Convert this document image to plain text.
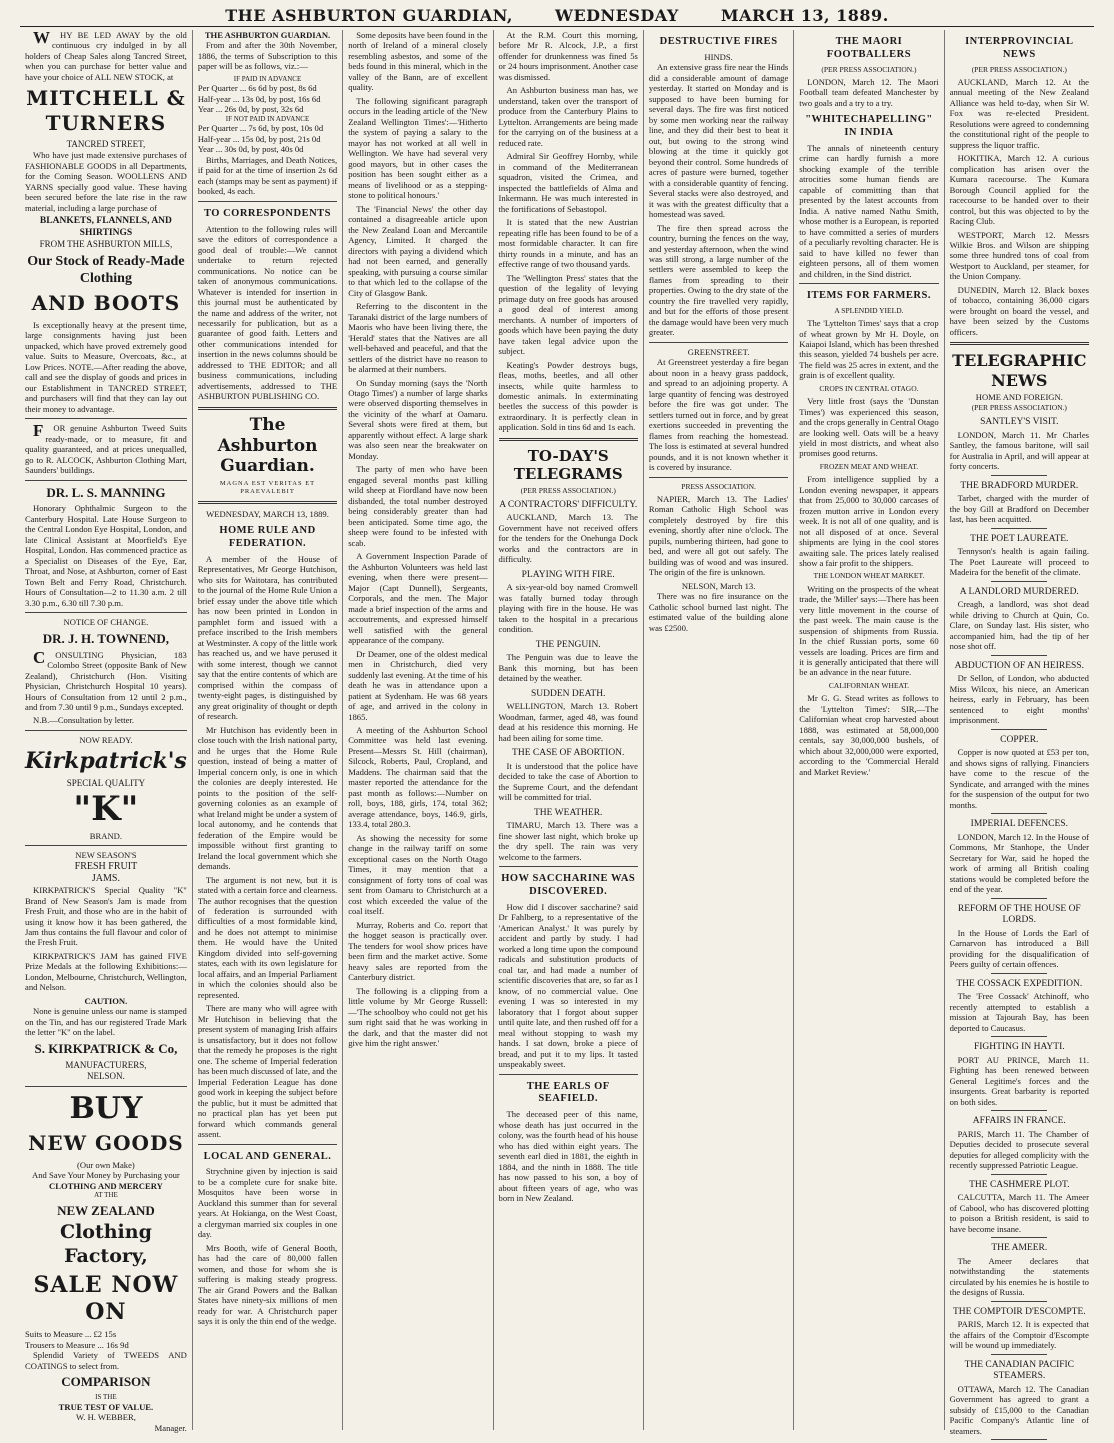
THE ASHBURTON GUARDIAN,	WEDNESDAY	MARCH 13, 1889.

WHY BE LED AWAY by the old continuous cry indulged in by all holders of Cheap Sales along Tancred Street, when you can purchase for better value and have your choice of ALL NEW STOCK, at

MITCHELL & TURNERS
TANCRED STREET,

Who have just made extensive purchases of FASHIONABLE GOODS in all Departments, for the Coming Season. WOOLLENS AND YARNS specially good value. These having been secured before the late rise in the raw material, including a large purchase of

BLANKETS, FLANNELS, AND SHIRTINGS
FROM THE ASHBURTON MILLS,
Our Stock of Ready-Made Clothing
AND BOOTS

Is exceptionally heavy at the present time, large consignments having just been unpacked, which have proved extremely good value. Suits to Measure, Overcoats, &c., at Low Prices. NOTE.—After reading the above, call and see the display of goods and prices in our Establishment in TANCRED STREET, and purchasers will find that they can lay out their money to advantage.

FOR genuine Ashburton Tweed Suits ready-made, or to measure, fit and quality guaranteed, and at prices unequalled, go to R. ALCOCK, Ashburton Clothing Mart, Saunders' buildings.

DR. L. S. MANNING

Honorary Ophthalmic Surgeon to the Canterbury Hospital. Late House Surgeon to the Central London Eye Hospital, London, and late Clinical Assistant at Moorfield's Eye Hospital, London. Has commenced practice as a Specialist on Diseases of the Eye, Ear, Throat, and Nose, at Ashburton, corner of East Town Belt and Ferry Road, Christchurch. Hours of Consultation—2 to 11.30 a.m. 2 till 3.30 p.m., 6.30 till 7.30 p.m.

NOTICE OF CHANGE.
DR. J. H. TOWNEND,

CONSULTING Physician, 183 Colombo Street (opposite Bank of New Zealand), Christchurch (Hon. Visiting Physician, Christchurch Hospital 10 years). Hours of Consultation from 12 until 2 p.m., and from 7.30 until 9 p.m., Sundays excepted.

N.B.—Consultation by letter.

NOW READY.
Kirkpatrick's
SPECIAL QUALITY
"K"
BRAND.
NEW SEASON'S
FRESH FRUIT
JAMS.

KIRKPATRICK'S Special Quality "K" Brand of New Season's Jam is made from Fresh Fruit, and those who are in the habit of using it know how it has been gathered, the Jam thus contains the full flavour and color of the Fresh Fruit.

KIRKPATRICK'S JAM has gained FIVE Prize Medals at the following Exhibitions:—London, Melbourne, Christchurch, Wellington, and Nelson.

CAUTION.

None is genuine unless our name is stamped on the Tin, and has our registered Trade Mark the letter "K" on the label.

S. KIRKPATRICK & Co,
MANUFACTURERS,
NELSON.
BUY
NEW GOODS
(Our own Make)
And Save Your Money by Purchasing your
CLOTHING AND MERCERY
AT THE
NEW ZEALAND
Clothing Factory,
SALE NOW ON
Suits to Measure ... £2 15s
Trousers to Measure ... 16s 9d

Splendid Variety of TWEEDS AND COATINGS to select from.

COMPARISON
IS THE
TRUE TEST OF VALUE.
W. H. WEBBER,
Manager.
THE ASHBURTON GUARDIAN.

From and after the 30th November, 1886, the terms of Subscription to this paper will be as follows, viz.:—

IF PAID IN ADVANCE
Per Quarter ... 6s 6d by post, 8s 6d
Half-year ... 13s 0d, by post, 16s 6d
Year ... 26s 0d, by post, 32s 6d
IF NOT PAID IN ADVANCE
Per Quarter ... 7s 6d, by post, 10s 0d
Half-year ... 15s 0d, by post, 21s 0d
Year ... 30s 0d, by post, 40s 0d

Births, Marriages, and Death Notices, if paid for at the time of insertion 2s 6d each (stamps may be sent as payment) if booked, 4s each.

TO CORRESPONDENTS

Attention to the following rules will save the editors of correspondence a good deal of trouble:—We cannot undertake to return rejected communications. No notice can be taken of anonymous communications. Whatever is intended for insertion in this journal must be authenticated by the name and address of the writer, not necessarily for publication, but as a guarantee of good faith. Letters and other communications intended for insertion in the news columns should be addressed to THE EDITOR; and all business communications, including advertisements, addressed to THE ASHBURTON PUBLISHING CO.

The Ashburton Guardian.
MAGNA EST VERITAS ET PRAEVALEBIT
WEDNESDAY, MARCH 13, 1889.
HOME RULE AND FEDERATION.

A member of the House of Representatives, Mr George Hutchison, who sits for Waitotara, has contributed to the journal of the Home Rule Union a brief essay under the above title which has now been printed in London in pamphlet form and issued with a preface inscribed to the Irish members at Westminster. A copy of the little work has reached us, and we have perused it with some interest, though we cannot say that the entire contents of which are comprised within the compass of twenty-eight pages, is distinguished by any great originality of thought or depth of research.

Mr Hutchison has evidently been in close touch with the Irish national party, and he urges that the Home Rule question, instead of being a matter of Imperial concern only, is one in which the colonies are deeply interested. He points to the position of the self-governing colonies as an example of what Ireland might be under a system of local autonomy, and he contends that federation of the Empire would be impossible without first granting to Ireland the local government which she demands.

The argument is not new, but it is stated with a certain force and clearness. The author recognises that the question of federation is surrounded with difficulties of a most formidable kind, and he does not attempt to minimise them. He would have the United Kingdom divided into self-governing states, each with its own legislature for local affairs, and an Imperial Parliament in which the colonies should also be represented.

There are many who will agree with Mr Hutchison in believing that the present system of managing Irish affairs is unsatisfactory, but it does not follow that the remedy he proposes is the right one. The scheme of Imperial federation has been much discussed of late, and the Imperial Federation League has done good work in keeping the subject before the public, but it must be admitted that no practical plan has yet been put forward which commands general assent.

LOCAL AND GENERAL.

Strychnine given by injection is said to be a complete cure for snake bite. Mosquitos have been worse in Auckland this summer than for several years. At Hokianga, on the West Coast, a clergyman married six couples in one day.

Mrs Booth, wife of General Booth, has had the care of 80,000 fallen women, and those for whom she is suffering is making steady progress. The air Grand Powers and the Balkan States have ninety-six millions of men ready for war. A Christchurch paper says it is only the thin end of the wedge.

Some deposits have been found in the north of Ireland of a mineral closely resembling asbestos, and some of the beds found in this mineral, which in the valley of the Bann, are of excellent quality.

The following significant paragraph occurs in the leading article of the 'New Zealand Wellington Times':—'Hitherto the system of paying a salary to the mayor has not worked at all well in Wellington. We have had several very good mayors, but in other cases the position has been sought either as a means of livelihood or as a stepping-stone to political honours.'

The 'Financial News' the other day contained a disagreeable article upon the New Zealand Loan and Mercantile Agency, Limited. It charged the directors with paying a dividend which had not been earned, and generally speaking, with pursuing a course similar to that which led to the collapse of the City of Glasgow Bank.

Referring to the discontent in the Taranaki district of the large numbers of Maoris who have been living there, the 'Herald' states that the Natives are all well-behaved and peaceful, and that the settlers of the district have no reason to be alarmed at their numbers.

On Sunday morning (says the 'North Otago Times') a number of large sharks were observed disporting themselves in the vicinity of the wharf at Oamaru. Several shots were fired at them, but apparently without effect. A large shark was also seen near the breakwater on Monday.

The party of men who have been engaged several months past killing wild sheep at Fiordland have now been disbanded, the total number destroyed being considerably greater than had been anticipated. Some time ago, the sheep were found to be infested with scab.

A Government Inspection Parade of the Ashburton Volunteers was held last evening, when there were present—Major (Capt Dunnell), Sergeants, Corporals, and the men. The Major made a brief inspection of the arms and accoutrements, and expressed himself well satisfied with the general appearance of the company.

Dr Deamer, one of the oldest medical men in Christchurch, died very suddenly last evening. At the time of his death he was in attendance upon a patient at Sydenham. He was 68 years of age, and arrived in the colony in 1865.

A meeting of the Ashburton School Committee was held last evening. Present—Messrs St. Hill (chairman), Silcock, Roberts, Paul, Cropland, and Maddens. The chairman said that the master reported the attendance for the past month as follows:—Number on roll, boys, 188, girls, 174, total 362; average attendance, boys, 146.9, girls, 133.4, total 280.3.

As showing the necessity for some change in the railway tariff on some exceptional cases on the North Otago Times, it may mention that a consignment of forty tons of coal was sent from Oamaru to Christchurch at a cost which exceeded the value of the coal itself.

Murray, Roberts and Co. report that the hogget season is practically over. The tenders for wool show prices have been firm and the market active. Some heavy sales are reported from the Canterbury district.

The following is a clipping from a little volume by Mr George Russell:—'The schoolboy who could not get his sum right said that he was working in the dark, and that the master did not give him the right answer.'

At the R.M. Court this morning, before Mr R. Alcock, J.P., a first offender for drunkenness was fined 5s or 24 hours imprisonment. Another case was dismissed.

An Ashburton business man has, we understand, taken over the transport of produce from the Canterbury Plains to Lyttelton. Arrangements are being made for the carrying on of the business at a reduced rate.

Admiral Sir Geoffrey Hornby, while in command of the Mediterranean squadron, visited the Crimea, and inspected the battlefields of Alma and Inkermann. He was much interested in the fortifications of Sebastopol.

It is stated that the new Austrian repeating rifle has been found to be of a most formidable character. It can fire thirty rounds in a minute, and has an effective range of two thousand yards.

The 'Wellington Press' states that the question of the legality of levying primage duty on free goods has aroused a good deal of interest among merchants. A number of importers of goods which have been paying the duty have taken legal advice upon the subject.

Keating's Powder destroys bugs, fleas, moths, beetles, and all other insects, while quite harmless to domestic animals. In exterminating beetles the success of this powder is extraordinary. It is perfectly clean in application. Sold in tins 6d and 1s each.

TO-DAY'S TELEGRAMS
(PER PRESS ASSOCIATION.)
A CONTRACTORS' DIFFICULTY.

AUCKLAND, March 13. The Government have not received offers for the tenders for the Onehunga Dock works and the contractors are in difficulty.

PLAYING WITH FIRE.

A six-year-old boy named Cromwell was fatally burned today through playing with fire in the house. He was taken to the hospital in a precarious condition.

THE PENGUIN.

The Penguin was due to leave the Bank this morning, but has been detained by the weather.

SUDDEN DEATH.

WELLINGTON, March 13. Robert Woodman, farmer, aged 48, was found dead at his residence this morning. He had been ailing for some time.

THE CASE OF ABORTION.

It is understood that the police have decided to take the case of Abortion to the Supreme Court, and the defendant will be committed for trial.

THE WEATHER.

TIMARU, March 13. There was a fine shower last night, which broke up the dry spell. The rain was very welcome to the farmers.

HOW SACCHARINE WAS DISCOVERED.

How did I discover saccharine? said Dr Fahlberg, to a representative of the 'American Analyst.' It was purely by accident and partly by study. I had worked a long time upon the compound radicals and substitution products of coal tar, and had made a number of scientific discoveries that are, so far as I know, of no commercial value. One evening I was so interested in my laboratory that I forgot about supper until quite late, and then rushed off for a meal without stopping to wash my hands. I sat down, broke a piece of bread, and put it to my lips. It tasted unspeakably sweet.

THE EARLS OF SEAFIELD.

The deceased peer of this name, whose death has just occurred in the colony, was the fourth head of his house who has died within eight years. The seventh earl died in 1881, the eighth in 1884, and the ninth in 1888. The title has now passed to his son, a boy of about fifteen years of age, who was born in New Zealand.

DESTRUCTIVE FIRES
HINDS.

An extensive grass fire near the Hinds did a considerable amount of damage yesterday. It started on Monday and is supposed to have been burning for several days. The fire was first noticed by some men working near the railway line, and they did their best to beat it out, but owing to the strong wind blowing at the time it quickly got beyond their control. Some hundreds of acres of pasture were burned, together with a considerable quantity of fencing. Several stacks were also destroyed, and it was with the greatest difficulty that a homestead was saved.

The fire then spread across the country, burning the fences on the way, and yesterday afternoon, when the wind was still strong, a large number of the settlers were assembled to keep the flames from spreading to their properties. Owing to the dry state of the country the fire travelled very rapidly, and but for the efforts of those present the damage would have been very much greater.

GREENSTREET.

At Greenstreet yesterday a fire began about noon in a heavy grass paddock, and spread to an adjoining property. A large quantity of fencing was destroyed before the fire was got under. The settlers turned out in force, and by great exertions succeeded in preventing the flames from reaching the homestead. The loss is estimated at several hundred pounds, and it is not known whether it is covered by insurance.

PRESS ASSOCIATION.

NAPIER, March 13. The Ladies' Roman Catholic High School was completely destroyed by fire this evening, shortly after nine o'clock. The pupils, numbering thirteen, had gone to bed, and were all got out safely. The building was of wood and was insured. The origin of the fire is unknown.

NELSON, March 13.

There was no fire insurance on the Catholic school burned last night. The estimated value of the building alone was £2500.

THE MAORI FOOTBALLERS
(PER PRESS ASSOCIATION.)

LONDON, March 12. The Maori Football team defeated Manchester by two goals and a try to a try.

"WHITECHAPELLING" IN INDIA

The annals of nineteenth century crime can hardly furnish a more shocking example of the terrible atrocities some human fiends are capable of committing than that presented by the latest accounts from India. A native named Nathu Smith, whose mother is a European, is reported to have committed a series of murders of a peculiarly revolting character. He is said to have killed no fewer than eighteen persons, all of them women and children, in the Sind district.

ITEMS FOR FARMERS.
A SPLENDID YIELD.

The 'Lyttelton Times' says that a crop of wheat grown by Mr H. Doyle, on Kaiapoi Island, which has been threshed this season, yielded 74 bushels per acre. The field was 25 acres in extent, and the grain is of excellent quality.

CROPS IN CENTRAL OTAGO.

Very little frost (says the 'Dunstan Times') was experienced this season, and the crops generally in Central Otago are looking well. Oats will be a heavy yield in most districts, and wheat also promises good returns.

FROZEN MEAT AND WHEAT.

From intelligence supplied by a London evening newspaper, it appears that from 25,000 to 30,000 carcases of frozen mutton arrive in London every week. It is not all of one quality, and is not all disposed of at once. Several shipments are lying in the cool stores awaiting sale. The prices lately realised show a fair profit to the shippers.

THE LONDON WHEAT MARKET.

Writing on the prospects of the wheat trade, the 'Miller' says:—There has been very little movement in the course of the past week. The main cause is the suspension of shipments from Russia. In the chief Russian ports, some 60 vessels are loading. Prices are firm and it is generally anticipated that there will be an advance in the near future.

CALIFORNIAN WHEAT.

Mr G. G. Stead writes as follows to the 'Lyttelton Times': SIR,—The Californian wheat crop harvested about 1888, was estimated at 58,000,000 centals, say 30,000,000 bushels, of which about 32,000,000 were exported, according to the 'Commercial Herald and Market Review.'

INTERPROVINCIAL NEWS
(PER PRESS ASSOCIATION.)

AUCKLAND, March 12. At the annual meeting of the New Zealand Alliance was held to-day, when Sir W. Fox was re-elected President. Resolutions were agreed to condemning the constitutional right of the people to suppress the liquor traffic.

HOKITIKA, March 12. A curious complication has arisen over the Kumara racecourse. The Kumara Borough Council applied for the racecourse to be handed over to their control, but this was objected to by the Racing Club.

WESTPORT, March 12. Messrs Wilkie Bros. and Wilson are shipping some three hundred tons of coal from Westport to Auckland, per steamer, for the Union Company.

DUNEDIN, March 12. Black boxes of tobacco, containing 36,000 cigars were brought on board the vessel, and have been seized by the Customs officers.

TELEGRAPHIC NEWS
HOME AND FOREIGN.
(PER PRESS ASSOCIATION.)
SANTLEY'S VISIT.

LONDON, March 11. Mr Charles Santley, the famous baritone, will sail for Australia in April, and will appear at forty concerts.

THE BRADFORD MURDER.

Tarbet, charged with the murder of the boy Gill at Bradford on December last, has been acquitted.

THE POET LAUREATE.

Tennyson's health is again failing. The Poet Laureate will proceed to Madeira for the benefit of the climate.

A LANDLORD MURDERED.

Creagh, a landlord, was shot dead while driving to Church at Quin, Co. Clare, on Sunday last. His sister, who accompanied him, had the tip of her nose shot off.

ABDUCTION OF AN HEIRESS.

Dr Sellon, of London, who abducted Miss Wilcox, his niece, an American heiress, early in February, has been sentenced to eight months' imprisonment.

COPPER.

Copper is now quoted at £53 per ton, and shows signs of rallying. Financiers have come to the rescue of the Syndicate, and arranged with the mines for the suspension of the output for two months.

IMPERIAL DEFENCES.

LONDON, March 12. In the House of Commons, Mr Stanhope, the Under Secretary for War, said he hoped the work of arming all British coaling stations would be completed before the end of the year.

REFORM OF THE HOUSE OF LORDS.

In the House of Lords the Earl of Carnarvon has introduced a Bill providing for the disqualification of Peers guilty of certain offences.

THE COSSACK EXPEDITION.

The 'Free Cossack' Atchinoff, who recently attempted to establish a mission at Tajourah Bay, has been deported to Caucasus.

FIGHTING IN HAYTI.

PORT AU PRINCE, March 11. Fighting has been renewed between General Legitime's forces and the insurgents. Great barbarity is reported on both sides.

AFFAIRS IN FRANCE.

PARIS, March 11. The Chamber of Deputies decided to prosecute several deputies for alleged complicity with the recently suppressed Patriotic League.

THE CASHMERE PLOT.

CALCUTTA, March 11. The Ameer of Cabool, who has discovered plotting to poison a British resident, is said to have become insane.

THE AMEER.

The Ameer declares that notwithstanding the statements circulated by his enemies he is hostile to the designs of Russia.

THE COMPTOIR D'ESCOMPTE.

PARIS, March 12. It is expected that the affairs of the Comptoir d'Escompte will be wound up immediately.

THE CANADIAN PACIFIC STEAMERS.

OTTAWA, March 12. The Canadian Government has agreed to grant a subsidy of £15,000 to the Canadian Pacific Company's Atlantic line of steamers.
